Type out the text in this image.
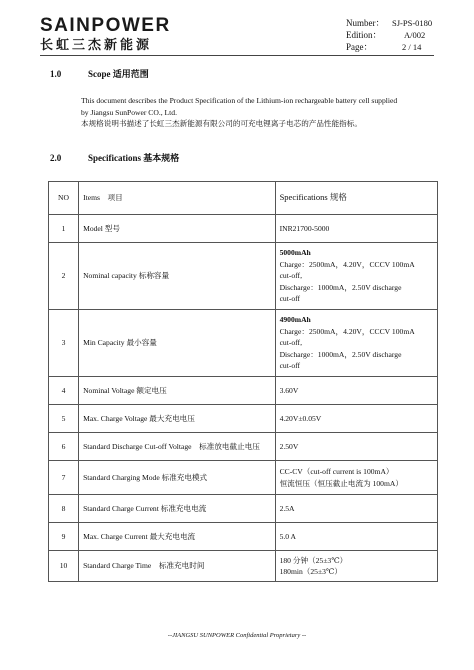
SAINPOWER
长虹三杰新能源
Number：
Edition：
Page：
SJ-PS-0180
A/002
2 / 14
1.0	Scope 适用范围
This document describes the Product Specification of the Lithium-ion rechargeable battery cell supplied
by Jiangsu SunPower CO., Ltd.
本规格说明书描述了长虹三杰新能源有限公司的可充电锂离子电芯的产品性能指标。
2.0	Specifications 基本规格
NO	Items　项目	Specifications 规格
1	Model 型号	INR21700-5000

2	Nominal capacity 标称容量	5000mAh
Charge：2500mA，4.20V，CCCV 100mA
cut-off,
Discharge：1000mA，2.50V discharge
cut-off

3	Min Capacity 最小容量	4900mAh
Charge：2500mA，4.20V，CCCV 100mA
cut-off,
Discharge：1000mA，2.50V discharge
cut-off

4	Nominal Voltage 额定电压	3.60V

5	Max. Charge Voltage 最大充电电压	4.20V±0.05V

6	Standard Discharge Cut-off Voltage　标准放电截止电压	2.50V

7	Standard Charging Mode 标准充电模式	CC-CV（cut-off current is 100mA）
恒流恒压（恒压截止电流为 100mA）

8	Standard Charge Current 标准充电电流	2.5A

9	Max. Charge Current 最大充电电流	5.0 A

10	Standard Charge Time　标准充电时间	180 分钟（25±3℃）
180min（25±3℃）
--JIANGSU SUNPOWER Confidential Proprietary --
